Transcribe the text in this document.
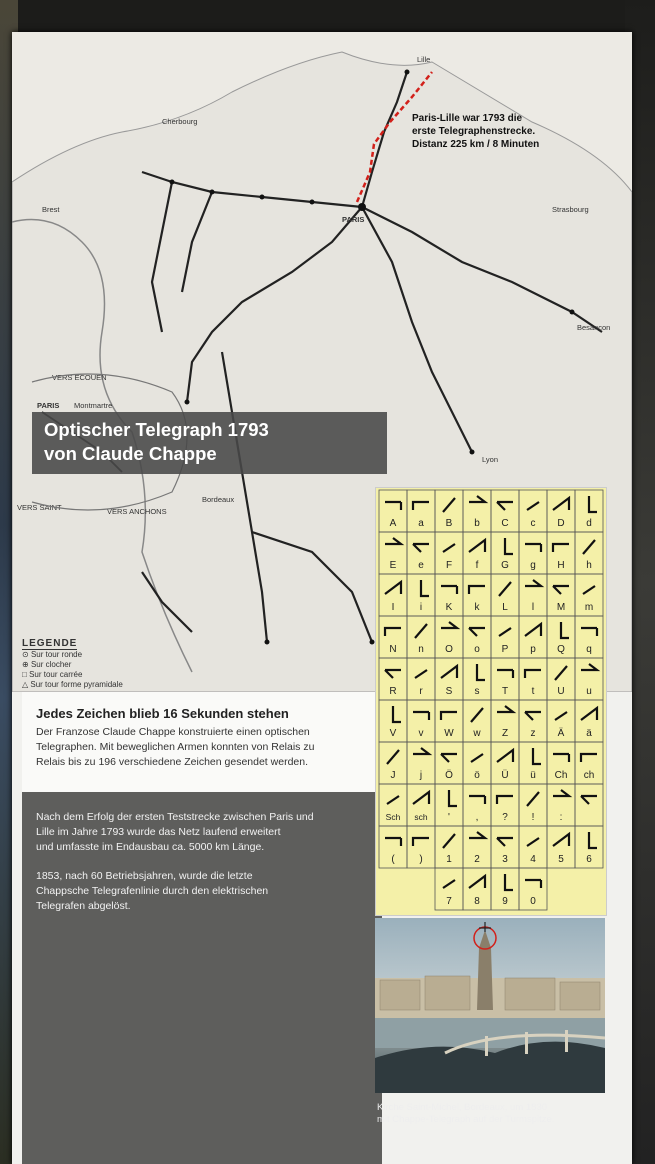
Cherbourg
PARIS
Besançon
Lyon
Bordeaux
Brest	Strasbourg
Lille
VERS ECOUEN
PARIS Montmartre
VERS SAINT	VERS ANCHONS
Paris-Lille war 1793 die
erste Telegraphenstrecke.
Distanz 225 km / 8 Minuten
LEGENDE
⊙ Sur tour ronde
⊕ Sur clocher
□ Sur tour carrée
△ Sur tour forme pyramidale
Optischer Telegraph 1793
von Claude Chappe
Jedes Zeichen blieb 16 Sekunden stehen

Der Franzose Claude Chappe konstruierte einen optischen
Telegraphen. Mit beweglichen Armen konnten von Relais zu
Relais bis zu 196 verschiedene Zeichen gesendet werden.

Nach dem Erfolg der ersten Teststrecke zwischen Paris und
Lille im Jahre 1793 wurde das Netz laufend erweitert
und umfasste im Endausbau ca. 5000 km Länge.

1853, nach 60 Betriebsjahren, wurde die letzte
Chappsche Telegrafenlinie durch den elektrischen
Telegrafen abgelöst.

A a B b C c D d
E e F f G g H h
I	i K k L l M m
N n O o P p Q q
R r S s T t U u
V v W w Z z Ä ä
J j Ö ö Ü ü Ch ch
Sch sch '	, ? !	:
( ) 1 2 3 4 5 6
7 8 9 0
Kirche Saint-Michel, Bordeaux, um 1830
mit Chappe-Telegraph auf der Turmspitze.
